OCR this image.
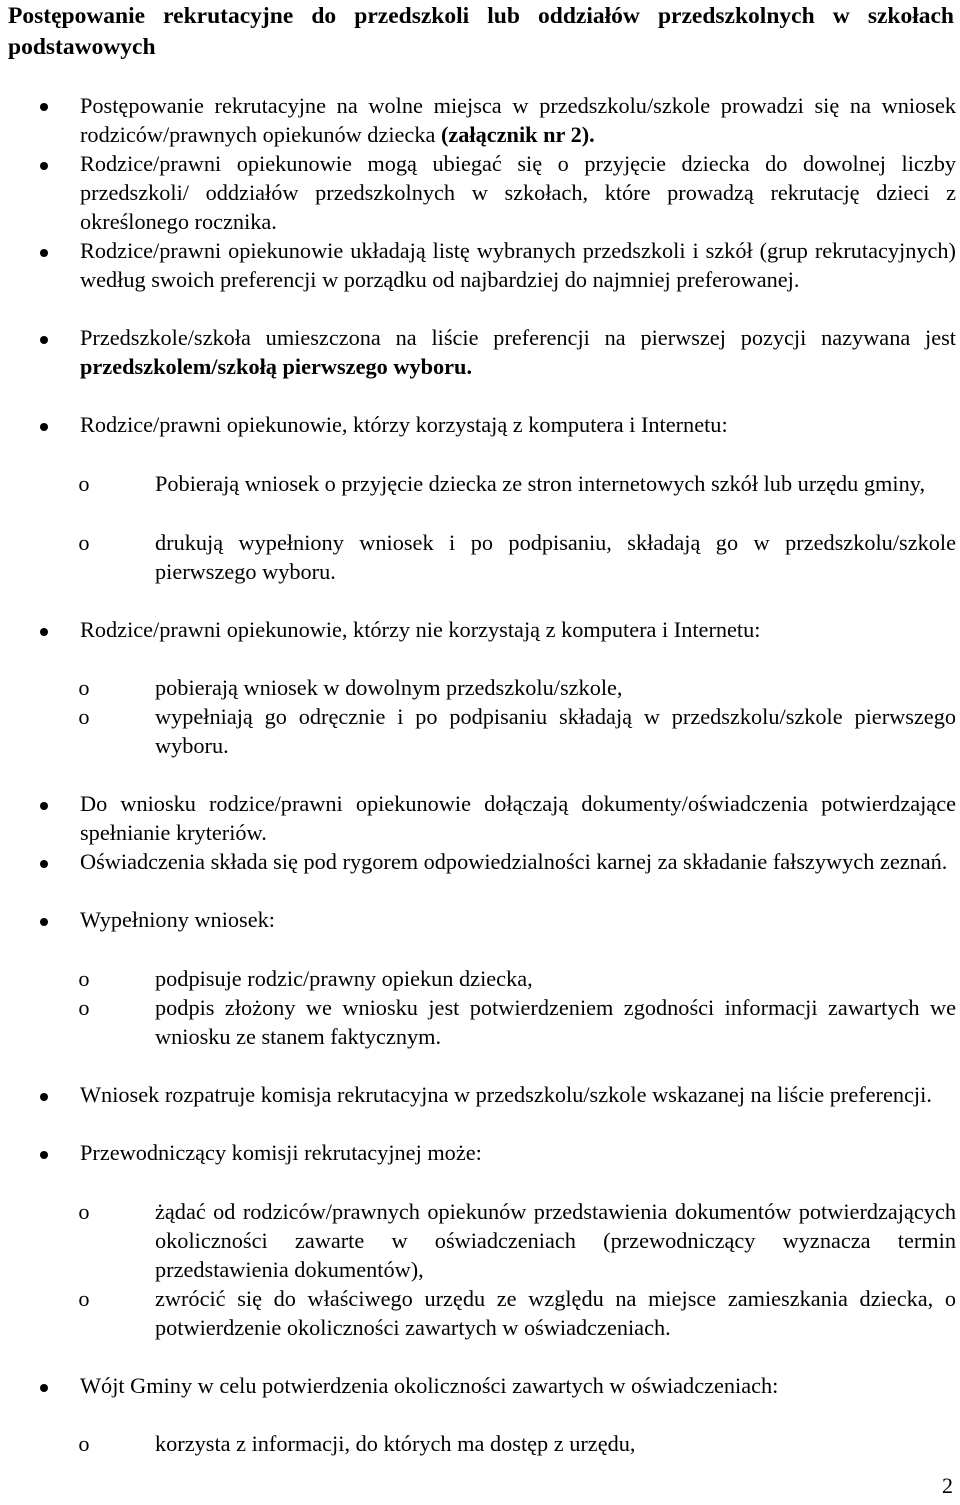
Postępowanie rekrutacyjne do przedszkoli lub oddziałów przedszkolnych w szkołach podstawowych

Postępowanie rekrutacyjne na wolne miejsca w przedszkolu/szkole prowadzi się na wniosek rodziców/prawnych opiekunów dziecka (załącznik nr 2).

Rodzice/prawni opiekunowie mogą ubiegać się o przyjęcie dziecka do dowolnej liczby przedszkoli/ oddziałów przedszkolnych w szkołach, które prowadzą rekrutację dzieci z określonego rocznika.

Rodzice/prawni opiekunowie układają listę wybranych przedszkoli i szkół (grup rekrutacyjnych) według swoich preferencji w porządku od najbardziej do najmniej preferowanej.

Przedszkole/szkoła umieszczona na liście preferencji na pierwszej pozycji nazywana jest przedszkolem/szkołą pierwszego wyboru.

Rodzice/prawni opiekunowie, którzy korzystają z komputera i Internetu:

o	Pobierają wniosek o przyjęcie dziecka ze stron internetowych szkół lub urzędu gminy,

o	drukują wypełniony wniosek i po podpisaniu, składają go w przedszkolu/szkole pierwszego wyboru.

Rodzice/prawni opiekunowie, którzy nie korzystają z komputera i Internetu:

o	pobierają wniosek w dowolnym przedszkolu/szkole,

o	wypełniają go odręcznie i po podpisaniu składają w przedszkolu/szkole pierwszego wyboru.

Do wniosku rodzice/prawni opiekunowie dołączają dokumenty/oświadczenia potwierdzające spełnianie kryteriów.

Oświadczenia składa się pod rygorem odpowiedzialności karnej za składanie fałszywych zeznań.

Wypełniony wniosek:

o	podpisuje rodzic/prawny opiekun dziecka,

o	podpis złożony we wniosku jest potwierdzeniem zgodności informacji zawartych we wniosku ze stanem faktycznym.

Wniosek rozpatruje komisja rekrutacyjna w przedszkolu/szkole wskazanej na liście preferencji.

Przewodniczący komisji rekrutacyjnej może:

o	żądać od rodziców/prawnych opiekunów przedstawienia dokumentów potwierdzających okoliczności zawarte w oświadczeniach (przewodniczący wyznacza termin przedstawienia dokumentów),

o	zwrócić się do właściwego urzędu ze względu na miejsce zamieszkania dziecka, o potwierdzenie okoliczności zawartych w oświadczeniach.

Wójt Gminy w celu potwierdzenia okoliczności zawartych w oświadczeniach:

o	korzysta z informacji, do których ma dostęp z urzędu,

2
